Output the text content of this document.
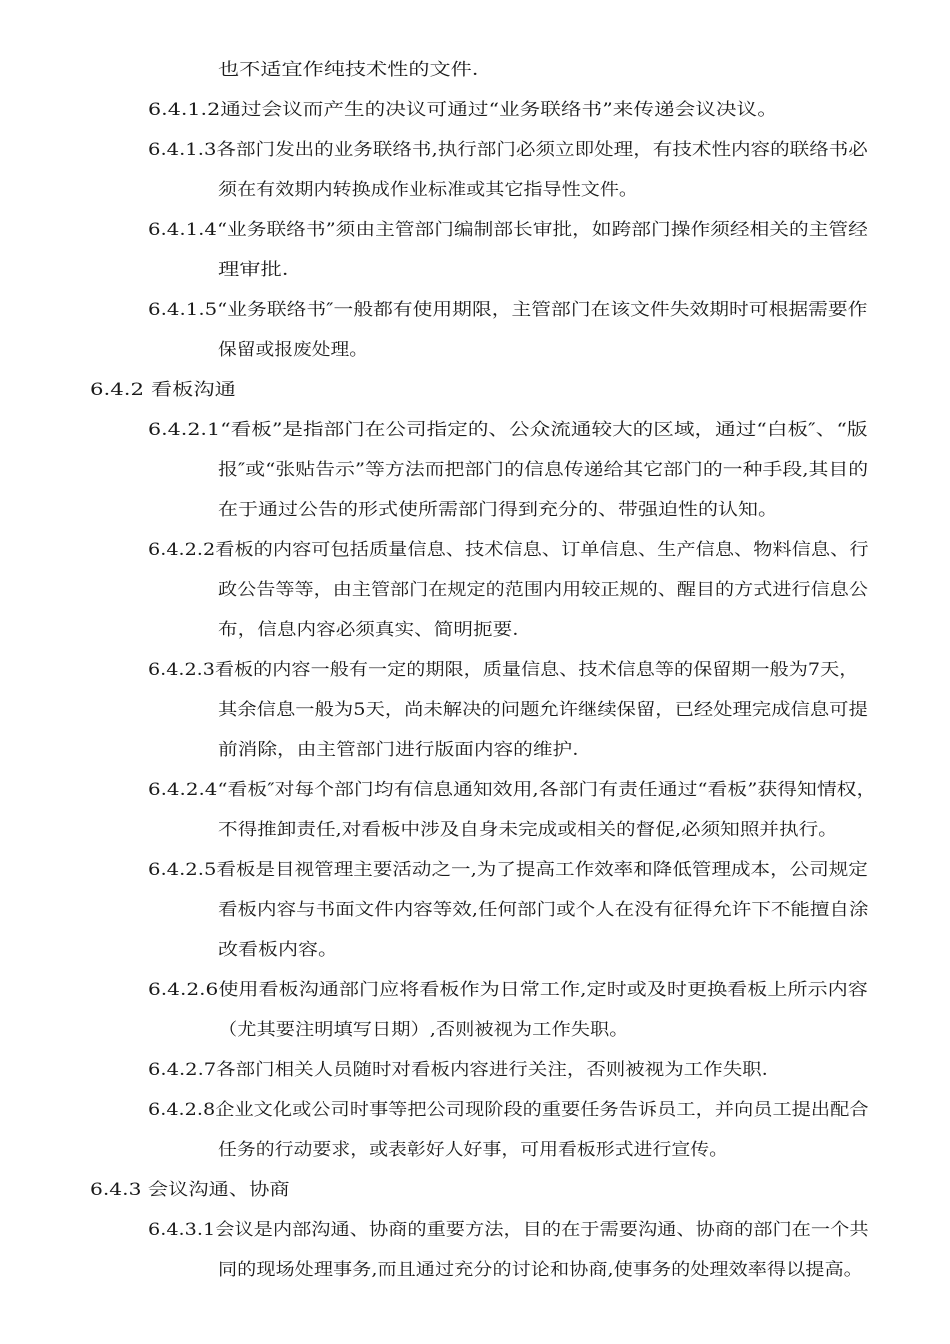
也不适宜作纯技术性的文件.
6.4.1.2通过会议而产生的决议可通过“业务联络书”来传递会议决议。
6.4.1.3各部门发出的业务联络书,执行部门必须立即处理，有技术性内容的联络书必
须在有效期内转换成作业标准或其它指导性文件。
6.4.1.4“业务联络书”须由主管部门编制部长审批，如跨部门操作须经相关的主管经
理审批.
6.4.1.5“业务联络书″一般都有使用期限，主管部门在该文件失效期时可根据需要作
保留或报废处理。
6.4.2 看板沟通
6.4.2.1“看板”是指部门在公司指定的、公众流通较大的区域，通过“白板″、“版
报″或“张贴告示”等方法而把部门的信息传递给其它部门的一种手段,其目的
在于通过公告的形式使所需部门得到充分的、带强迫性的认知。
6.4.2.2看板的内容可包括质量信息、技术信息、订单信息、生产信息、物料信息、行
政公告等等，由主管部门在规定的范围内用较正规的、醒目的方式进行信息公
布，信息内容必须真实、简明扼要.
6.4.2.3看板的内容一般有一定的期限，质量信息、技术信息等的保留期一般为7天，
其余信息一般为5天，尚未解决的问题允许继续保留，已经处理完成信息可提
前消除，由主管部门进行版面内容的维护.
6.4.2.4“看板″对每个部门均有信息通知效用,各部门有责任通过“看板”获得知情权，
不得推卸责任,对看板中涉及自身未完成或相关的督促,必须知照并执行。
6.4.2.5看板是目视管理主要活动之一,为了提高工作效率和降低管理成本，公司规定
看板内容与书面文件内容等效,任何部门或个人在没有征得允许下不能擅自涂
改看板内容。
6.4.2.6使用看板沟通部门应将看板作为日常工作,定时或及时更换看板上所示内容
（尤其要注明填写日期）,否则被视为工作失职。
6.4.2.7各部门相关人员随时对看板内容进行关注，否则被视为工作失职.
6.4.2.8企业文化或公司时事等把公司现阶段的重要任务告诉员工，并向员工提出配合
任务的行动要求，或表彰好人好事，可用看板形式进行宣传。
6.4.3 会议沟通、协商
6.4.3.1会议是内部沟通、协商的重要方法，目的在于需要沟通、协商的部门在一个共
同的现场处理事务,而且通过充分的讨论和协商,使事务的处理效率得以提高。
